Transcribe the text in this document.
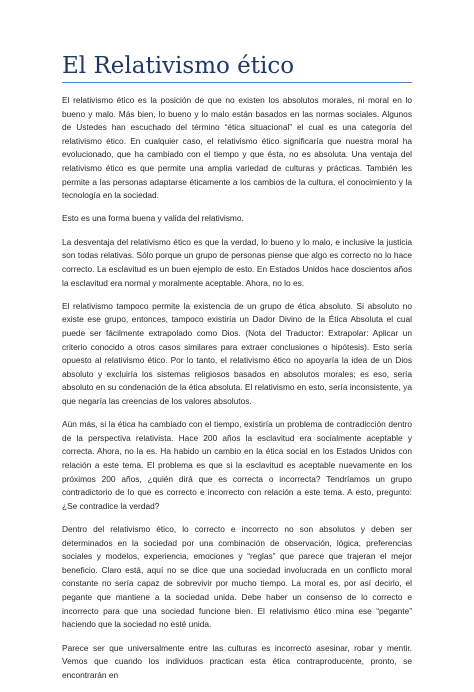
El Relativismo ético

El relativismo ético es la posición de que no existen los absolutos morales, ni moral en lo bueno y malo. Más bien, lo bueno y lo malo están basados en las normas sociales. Algunos de Ustedes han escuchado del término “ética situacional” el cual es una categoría del relativismo ético. En cualquier caso, el relativismo ético significaría que nuestra moral ha evolucionado, que ha cambiado con el tiempo y que ésta, no es absoluta. Una ventaja del relativismo ético es que permite una amplia variedad de culturas y prácticas. También les permite a las personas adaptarse éticamente a los cambios de la cultura, el conocimiento y la tecnología en la sociedad.

Esto es una forma buena y valida del relativismo.

La desventaja del relativismo ético es que la verdad, lo bueno y lo malo, e inclusive la justicia son todas relativas. Sólo porque un grupo de personas piense que algo es correcto no lo hace correcto. La esclavitud es un buen ejemplo de esto. En Estados Unidos hace doscientos años la esclavitud era normal y moralmente aceptable. Ahora, no lo es.

El relativismo tampoco permite la existencia de un grupo de ética absoluto. Si absoluto no existe ese grupo, entonces, tampoco existiría un Dador Divino de la Ética Absoluta el cual puede ser fácilmente extrapolado como Dios. (Nota del Traductor: Extrapolar: Aplicar un criterio conocido a otros casos similares para extraer conclusiones o hipótesis). Esto sería opuesto al relativismo ético. Por lo tanto, el relativismo ético no apoyaría la idea de un Dios absoluto y excluiría los sistemas religiosos basados en absolutos morales; es eso, sería absoluto en su condenación de la ética absoluta. El relativismo en esto, sería inconsistente, ya que negaría las creencias de los valores absolutos.

Aún más, si la ética ha cambiado con el tiempo, existiría un problema de contradicción dentro de la perspectiva relativista. Hace 200 años la esclavitud era socialmente aceptable y correcta. Ahora, no la es. Ha habido un cambio en la ética social en los Estados Unidos con relación a este tema. El problema es que si la esclavitud es aceptable nuevamente en los próximos 200 años, ¿quién dirá que es correcta o incorrecta? Tendríamos un grupo contradictorio de lo que es correcto e incorrecto con relación a este tema. A esto, pregunto: ¿Se contradice la verdad?

Dentro del relativismo ético, lo correcto e incorrecto no son absolutos y deben ser determinados en la sociedad por una combinación de observación, lógica, preferencias sociales y modelos, experiencia, emociones y “reglas” que parece que trajeran el mejor beneficio. Claro está, aquí no se dice que una sociedad involucrada en un conflicto moral constante no sería capaz de sobrevivir por mucho tiempo. La moral es, por así decirlo, el pegante que mantiene a la sociedad unida. Debe haber un consenso de lo correcto e incorrecto para que una sociedad funcione bien. El relativismo ético mina ese “pegante” haciendo que la sociedad no esté unida.

Parece ser que universalmente entre las culturas es incorrecto asesinar, robar y mentir. Vemos que cuando los individuos practican esta ética contraproducente, pronto, se encontrarán en
